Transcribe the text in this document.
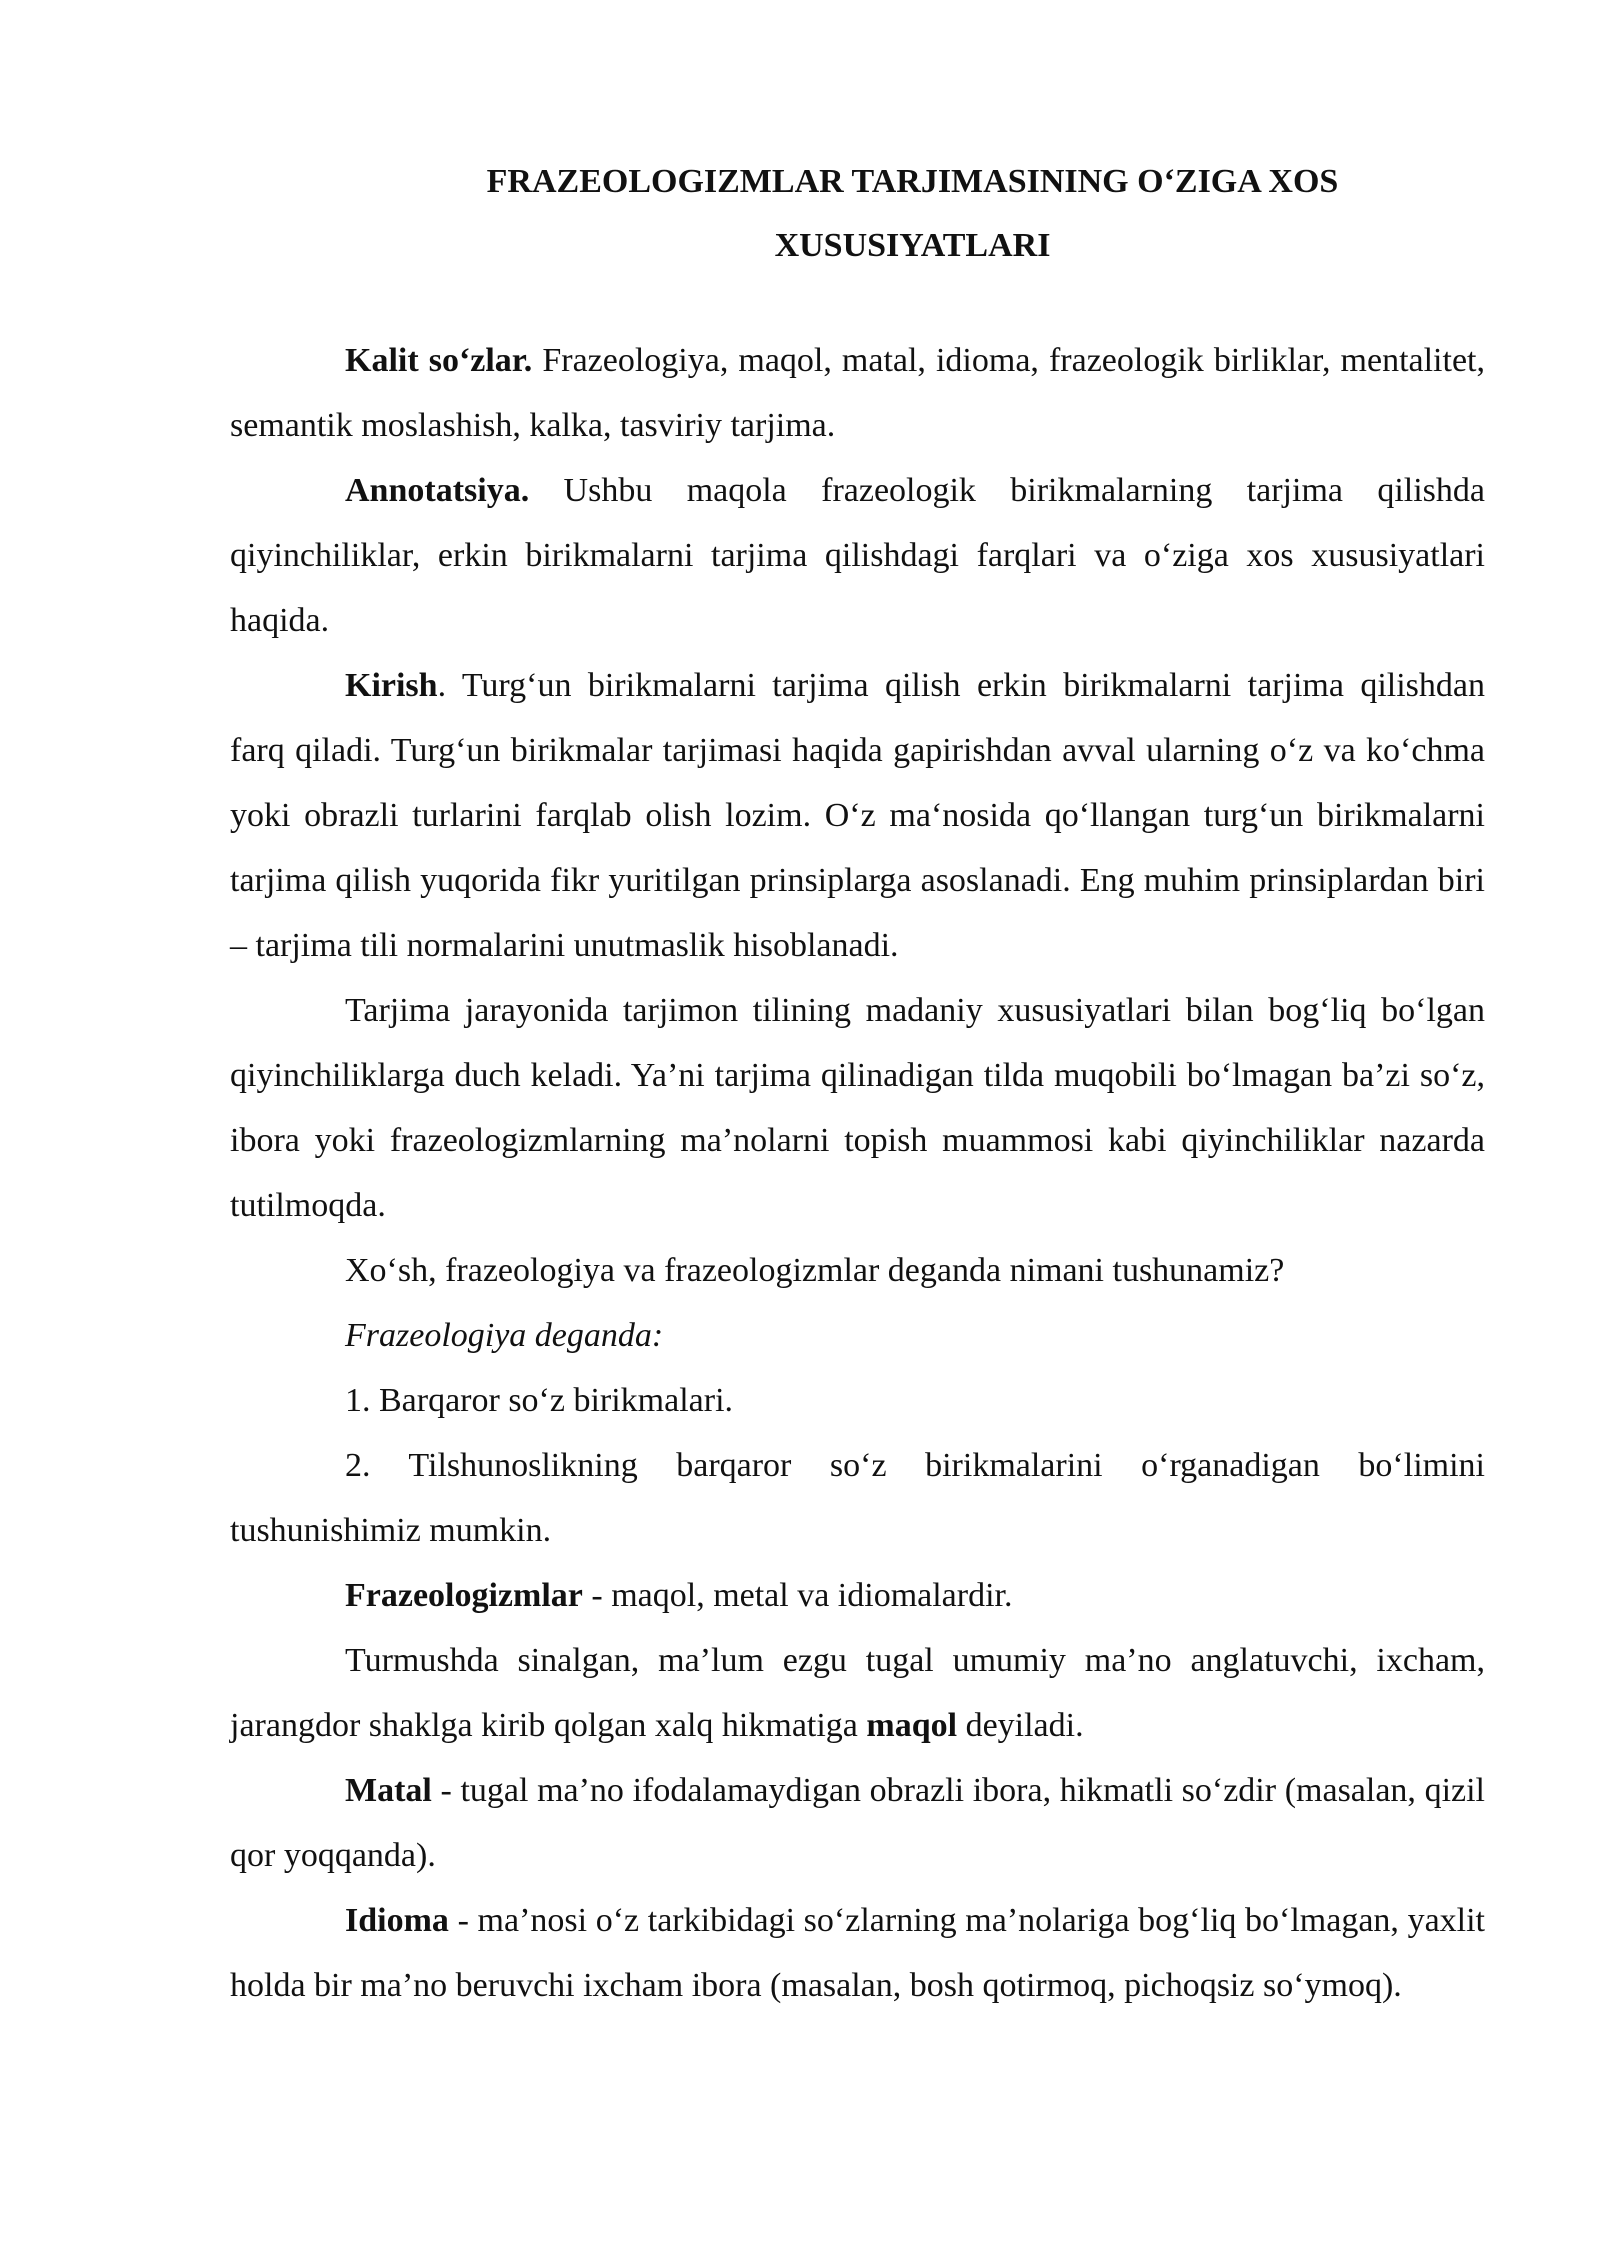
FRAZEOLOGIZMLAR TARJIMASINING O‘ZIGA XOS
XUSUSIYATLARI

Kalit so‘zlar. Frazeologiya, maqol, matal, idioma, frazeologik birliklar, mentalitet, semantik moslashish, kalka, tasviriy tarjima.

Annotatsiya. Ushbu maqola frazeologik birikmalarning tarjima qilishda qiyinchiliklar, erkin birikmalarni tarjima qilishdagi farqlari va o‘ziga xos xususiyatlari haqida.

Kirish. Turg‘un birikmalarni tarjima qilish erkin birikmalarni tarjima qilishdan farq qiladi. Turg‘un birikmalar tarjimasi haqida gapirishdan avval ularning o‘z va ko‘chma yoki obrazli turlarini farqlab olish lozim. O‘z ma‘nosida qo‘llangan turg‘un birikmalarni tarjima qilish yuqorida fikr yuritilgan prinsiplarga asoslanadi. Eng muhim prinsiplardan biri – tarjima tili normalarini unutmaslik hisoblanadi.

Tarjima jarayonida tarjimon tilining madaniy xususiyatlari bilan bog‘liq bo‘lgan qiyinchiliklarga duch keladi. Ya’ni tarjima qilinadigan tilda muqobili bo‘lmagan ba’zi so‘z, ibora yoki frazeologizmlarning ma’nolarni topish muammosi kabi qiyinchiliklar nazarda tutilmoqda.

Xo‘sh, frazeologiya va frazeologizmlar deganda nimani tushunamiz?

Frazeologiya deganda:

1. Barqaror so‘z birikmalari.

2. Tilshunoslikning barqaror so‘z birikmalarini o‘rganadigan bo‘limini tushunishimiz mumkin.

Frazeologizmlar - maqol, metal va idiomalardir.

Turmushda sinalgan, ma’lum ezgu tugal umumiy ma’no anglatuvchi, ixcham, jarangdor shaklga kirib qolgan xalq hikmatiga maqol deyiladi.

Matal - tugal ma’no ifodalamaydigan obrazli ibora, hikmatli so‘zdir (masalan, qizil qor yoqqanda).

Idioma - ma’nosi o‘z tarkibidagi so‘zlarning ma’nolariga bog‘liq bo‘lmagan, yaxlit holda bir ma’no beruvchi ixcham ibora (masalan, bosh qotirmoq, pichoqsiz so‘ymoq).
